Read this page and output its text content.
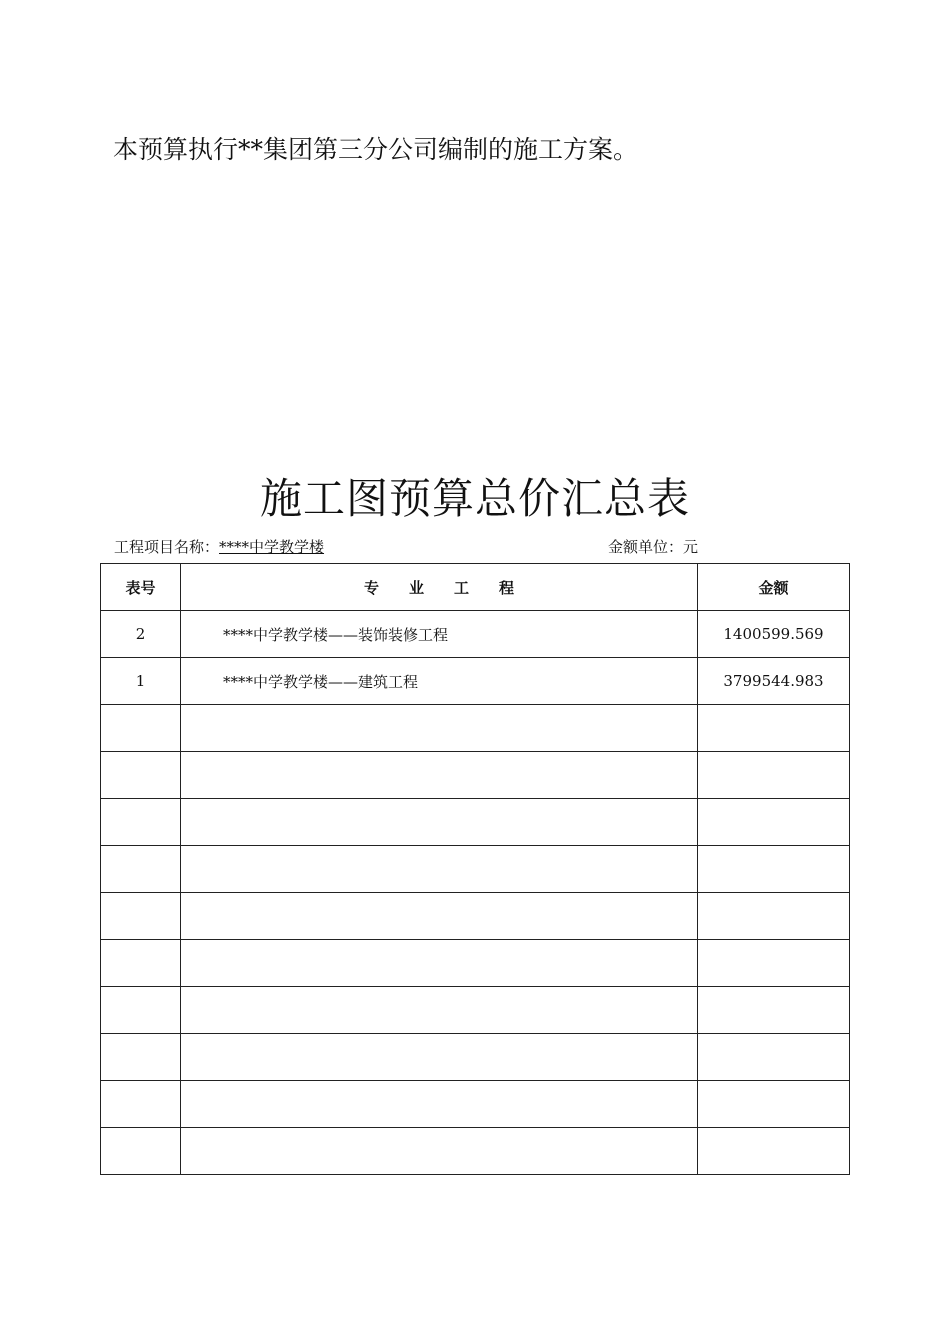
本预算执行**集团第三分公司编制的施工方案。
施工图预算总价汇总表
工程项目名称：****中学教学楼	金额单位：元
表号	专　　业　　工　　程	金额
2	****中学教学楼——装饰装修工程	1400599.569
1	****中学教学楼——建筑工程	3799544.983
